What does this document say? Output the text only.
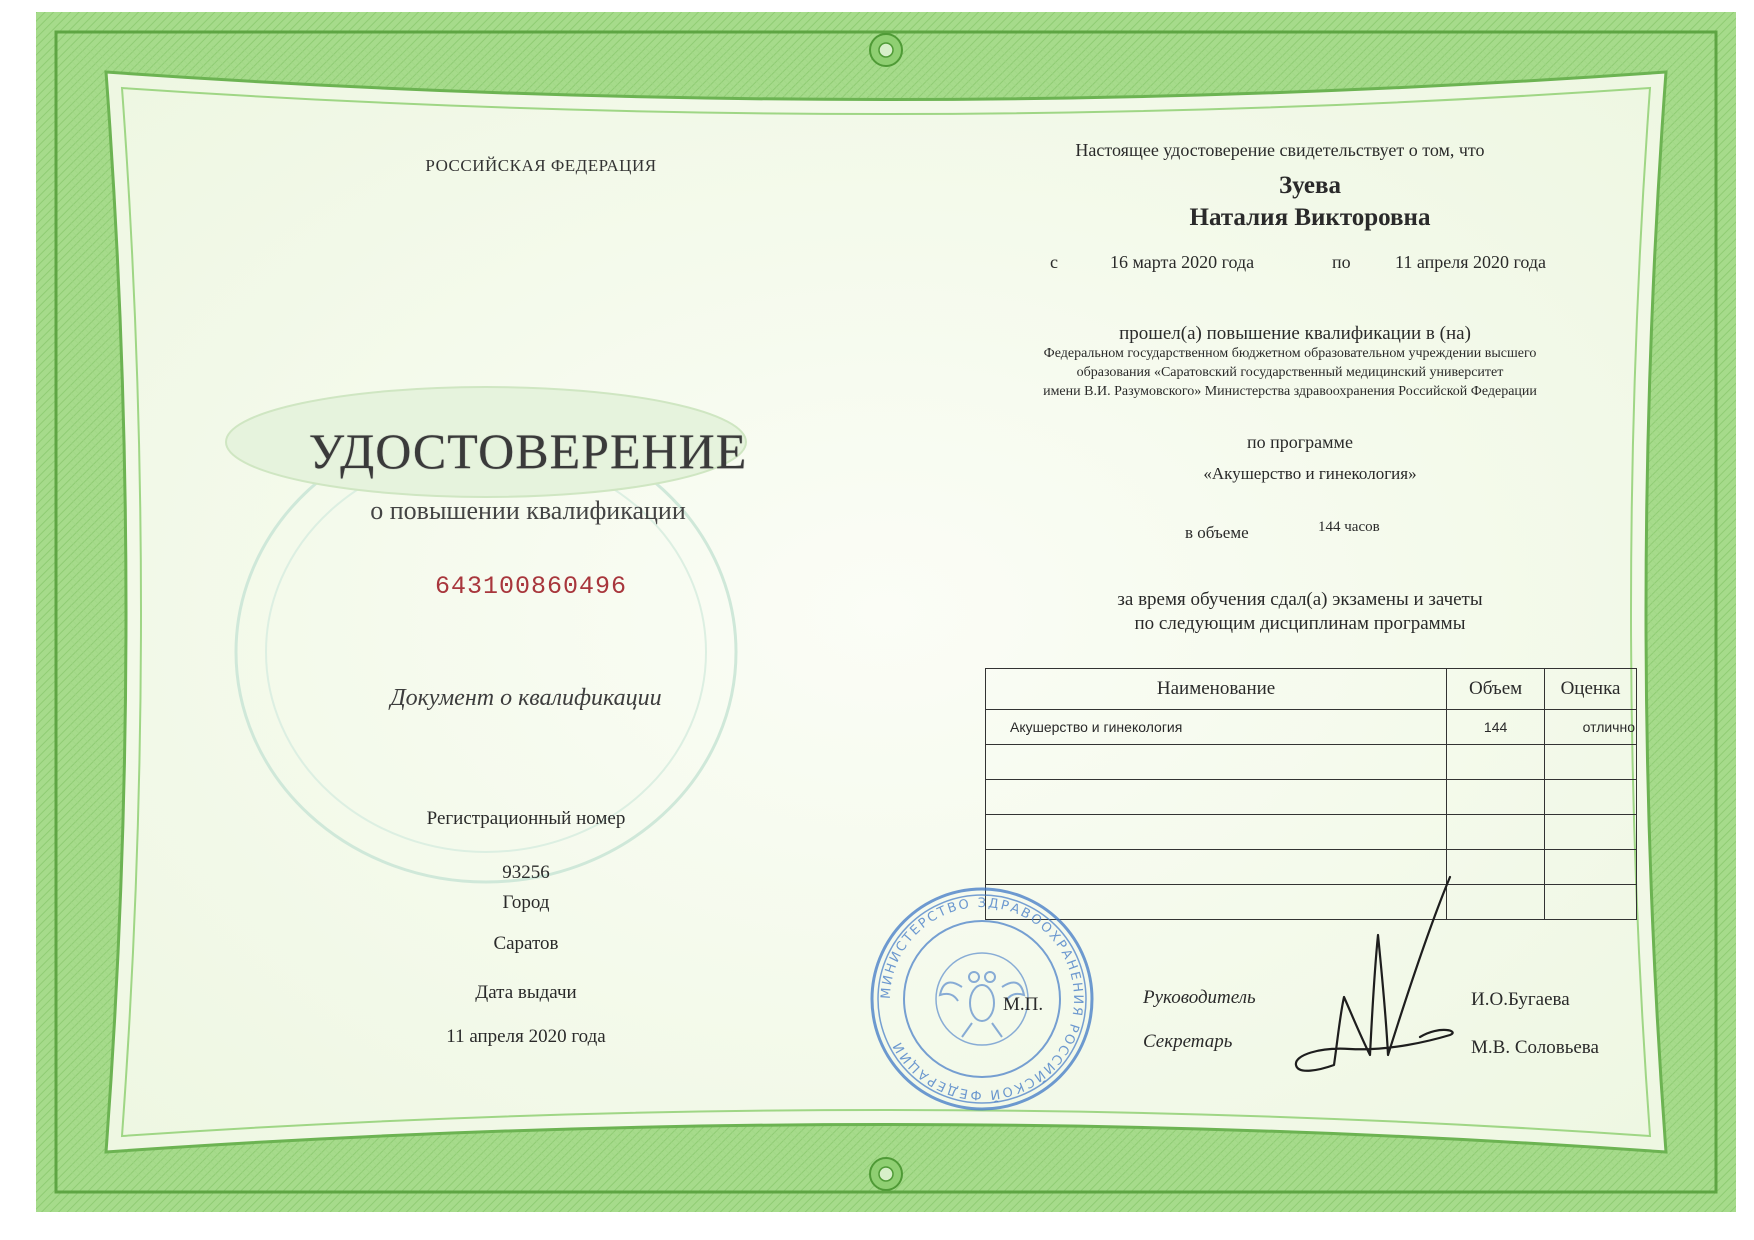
РОССИЙСКАЯ ФЕДЕРАЦИЯ
УДОСТОВЕРЕНИЕ
о повышении квалификации
643100860496
Документ о квалификации
Регистрационный номер
93256
Город
Саратов
Дата выдачи
11 апреля 2020 года
Настоящее удостоверение свидетельствует о том, что
Зуева
Наталия Викторовна
с	16 марта 2020 года	по 11 апреля 2020 года
прошел(а) повышение квалификации в (на)
Федеральном государственном бюджетном образовательном учреждении высшего
образования «Саратовский государственный медицинский университет
имени В.И. Разумовского» Министерства здравоохранения Российской Федерации
по программе
«Акушерство и гинекология»
в объеме	144 часов
за время обучения сдал(а) экзамены и зачеты
по следующим дисциплинам программы
Наименование	Объем	Оценка
Акушерство и гинекология	144	отлично

МИНИСТЕРСТВО ЗДРАВООХРАНЕНИЯ РОССИЙСКОЙ ФЕДЕРАЦИИ
М.П.	Руководитель
Секретарь
И.О.Бугаева
М.В. Соловьева
